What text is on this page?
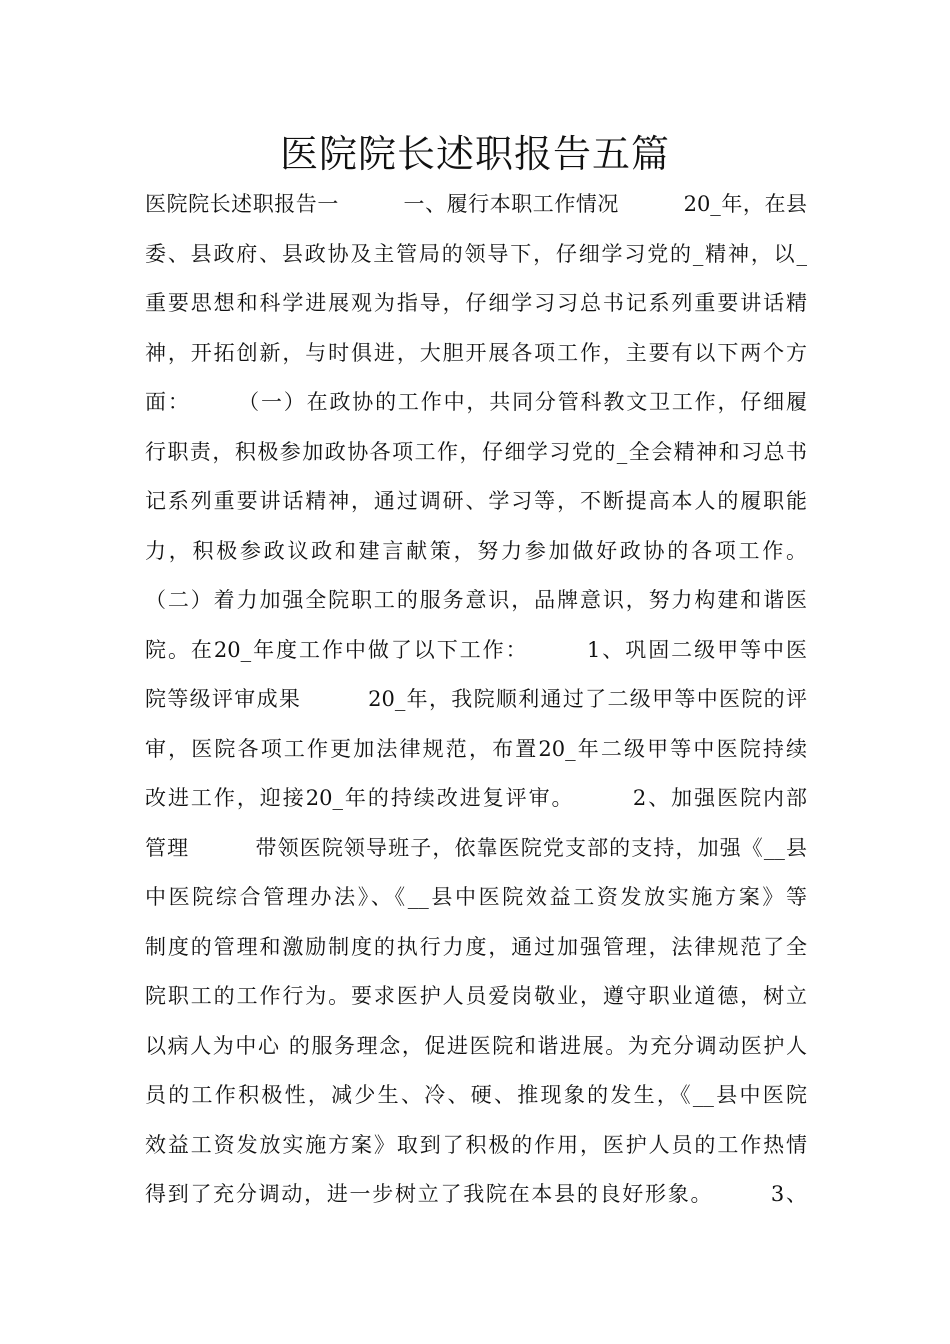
医院院长述职报告五篇
医院院长述职报告一　　　一、履行本职工作情况　　　20_年，在县
委、县政府、县政协及主管局的领导下，仔细学习党的_精神，以_
重要思想和科学进展观为指导，仔细学习习总书记系列重要讲话精
神，开拓创新，与时俱进，大胆开展各项工作，主要有以下两个方
面：　　　（一）在政协的工作中，共同分管科教文卫工作，仔细履
行职责，积极参加政协各项工作，仔细学习党的_全会精神和习总书
记系列重要讲话精神，通过调研、学习等，不断提高本人的履职能
力，积极参政议政和建言献策，努力参加做好政协的各项工作。
（二）着力加强全院职工的服务意识，品牌意识，努力构建和谐医
院。在20_年度工作中做了以下工作：　　　1、巩固二级甲等中医
院等级评审成果　　　20_年，我院顺利通过了二级甲等中医院的评
审，医院各项工作更加法律规范，布置20_年二级甲等中医院持续
改进工作，迎接20_年的持续改进复评审。　　　2、加强医院内部
管理　　　带领医院领导班子，依靠医院党支部的支持，加强《__县
中医院综合管理办法》、《__县中医院效益工资发放实施方案》等
制度的管理和激励制度的执行力度，通过加强管理，法律规范了全
院职工的工作行为。要求医护人员爱岗敬业，遵守职业道德，树立
以病人为中心 的服务理念，促进医院和谐进展。为充分调动医护人
员的工作积极性，减少生、冷、硬、推现象的发生，《__县中医院
效益工资发放实施方案》取到了积极的作用，医护人员的工作热情
得到了充分调动，进一步树立了我院在本县的良好形象。　　　3、
